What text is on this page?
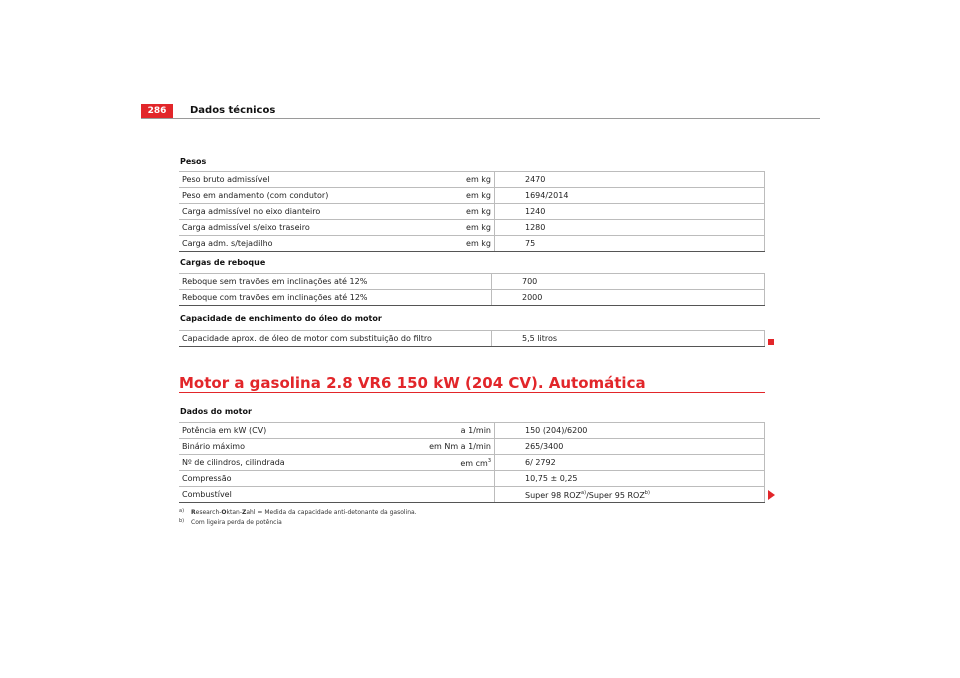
286	Dados técnicos
Pesos
Peso bruto admissível	em kg	2470
Peso em andamento (com condutor)	em kg	1694/2014
Carga admissível no eixo dianteiro	em kg	1240
Carga admissível s/eixo traseiro	em kg	1280
Carga adm. s/tejadilho	em kg	75
Cargas de reboque
Reboque sem travões em inclinações até 12%	700
Reboque com travões em inclinações até 12%	2000
Capacidade de enchimento do óleo do motor
Capacidade aprox. de óleo de motor com substituição do filtro	5,5 litros
Motor a gasolina 2.8 VR6 150 kW (204 CV). Automática
Dados do motor
Potência em kW (CV)	a 1/min	150 (204)/6200
Binário máximo	em Nm a 1/min	265/3400
Nº de cilindros, cilindrada	em $cm^3$	6/ 2792
Compressão		10,75 ± 0,25
Combustível		Super 98 ROZ$^{a)}$/Super 95 ROZ$^{b)}$
a) Research-Oktan-Zahl = Medida da capacidade anti-detonante da gasolina.
b) Com ligeira perda de potência
